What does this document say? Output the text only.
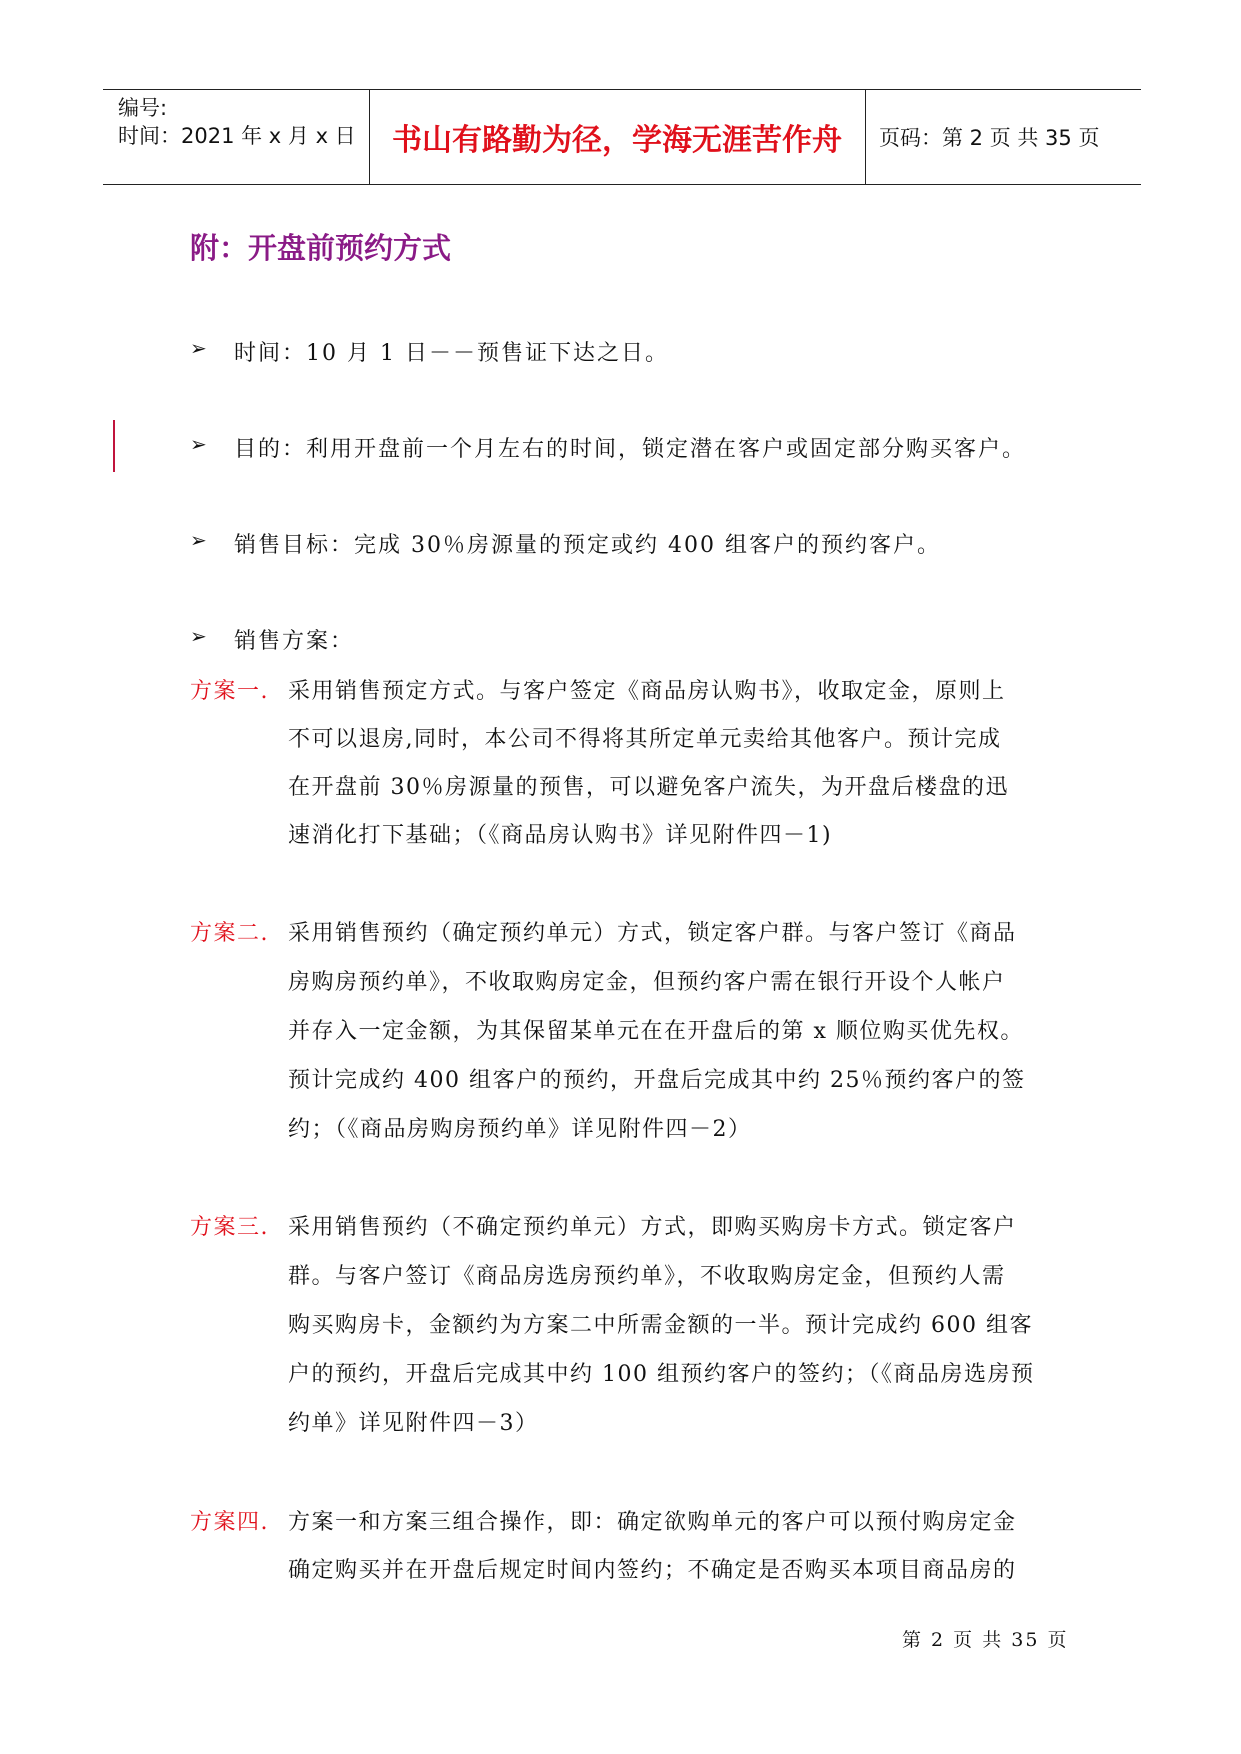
编号:
时间：2021 年 x 月 x 日 书山有路勤为径，学海无涯苦作舟	页码：第 2 页 共 35 页
附：开盘前预约方式
➢ 时间：10 月 1 日－－预售证下达之日。
➢ 目的：利用开盘前一个月左右的时间，锁定潜在客户或固定部分购买客户。
➢ 销售目标：完成 30％房源量的预定或约 400 组客户的预约客户。
➢ 销售方案：
方案一. 采用销售预定方式。与客户签定《商品房认购书》，收取定金，原则上
不可以退房,同时，本公司不得将其所定单元卖给其他客户。预计完成
在开盘前 30％房源量的预售，可以避免客户流失，为开盘后楼盘的迅
速消化打下基础；（《商品房认购书》详见附件四－1)
方案二. 采用销售预约（确定预约单元）方式，锁定客户群。与客户签订《商品
房购房预约单》，不收取购房定金，但预约客户需在银行开设个人帐户
并存入一定金额，为其保留某单元在在开盘后的第 x 顺位购买优先权。
预计完成约 400 组客户的预约，开盘后完成其中约 25％预约客户的签
约；（《商品房购房预约单》详见附件四－2）
方案三. 采用销售预约（不确定预约单元）方式，即购买购房卡方式。锁定客户
群。与客户签订《商品房选房预约单》，不收取购房定金，但预约人需
购买购房卡，金额约为方案二中所需金额的一半。预计完成约 600 组客
户的预约，开盘后完成其中约 100 组预约客户的签约；（《商品房选房预
约单》详见附件四－3）
方案四. 方案一和方案三组合操作，即：确定欲购单元的客户可以预付购房定金
确定购买并在开盘后规定时间内签约；不确定是否购买本项目商品房的
第 2 页 共 35 页
